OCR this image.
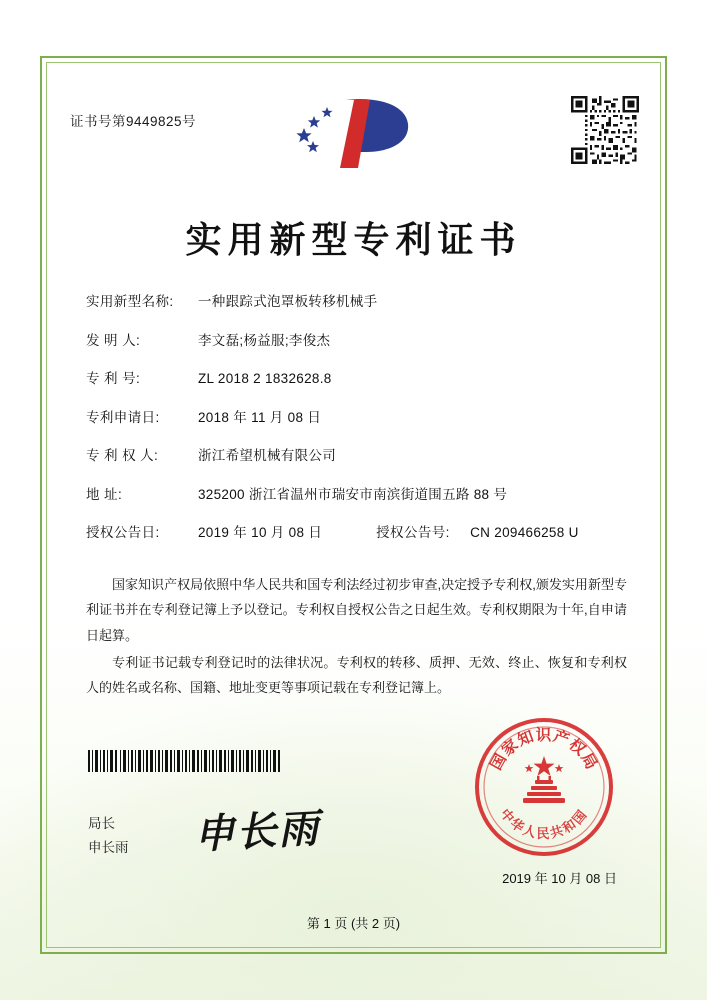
证书号第9449825号
实用新型专利证书
实用新型名称:	一种跟踪式泡罩板转移机械手
发 明 人:	李文磊;杨益服;李俊杰
专 利 号:	ZL 2018 2 1832628.8
专利申请日:	2018 年 11 月 08 日
专 利 权 人:	浙江希望机械有限公司
地 址:	325200 浙江省温州市瑞安市南滨街道围五路 88 号
授权公告日:	2019 年 10 月 08 日	授权公告号:	CN 209466258 U

国家知识产权局依照中华人民共和国专利法经过初步审查,决定授予专利权,颁发实用新型专利证书并在专利登记簿上予以登记。专利权自授权公告之日起生效。专利权期限为十年,自申请日起算。

专利证书记载专利登记时的法律状况。专利权的转移、质押、无效、终止、恢复和专利权人的姓名或名称、国籍、地址变更等事项记载在专利登记簿上。

国家知识产权局
中华人民共和国
局长
申长雨 申长雨
2019 年 10 月 08 日
第 1 页 (共 2 页)
